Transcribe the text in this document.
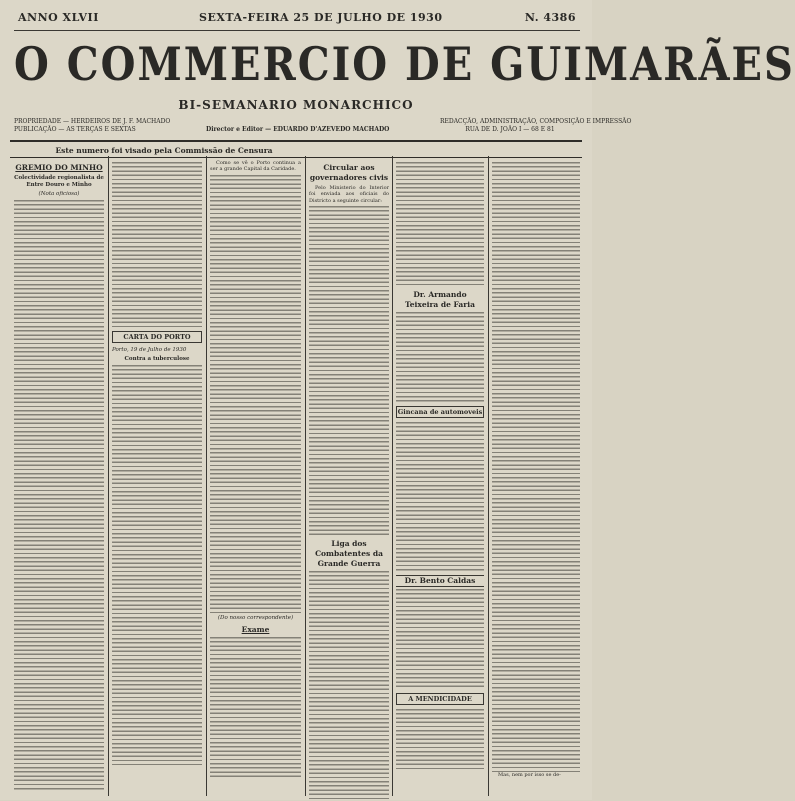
ANNO XLVII	SEXTA-FEIRA 25 DE JULHO DE 1930	N. 4386
O COMMERCIO DE GUIMARÃES
BI-SEMANARIO MONARCHICO
PROPRIEDADE — HERDEIROS DE J. F. MACHADO
PUBLICAÇÃO — AS TERÇAS E SEXTAS	Director e Editor — EDUARDO D'AZEVEDO MACHADO
REDACÇÃO, ADMINISTRAÇÃO, COMPOSIÇÃO E IMPRESSÃO
RUA DE D. JOÃO I — 68 E 81
Este numero foi visado pela Commissão de Censura
GREMIO DO MINHO
Colectividade regionalista de Entre Douro e Minho
(Nota oficiosa)
CARTA DO PORTO
Porto, 19 de Julho de 1930
Contra a tuberculose
Como se vê o Porto continua a ser a grande Capital da Caridade.
(Do nosso correspondente)
Exame
Circular aos governadores civis
Pelo Ministerio do Interior foi enviada aos oficiais do Districto a seguinte circular:
Liga dos Combatentes da Grande Guerra
Dr. Armando Teixeira de Faria
Gincana de automoveis
Dr. Bento Caldas
A MENDICIDADE
Mas, nem por isso se de-
